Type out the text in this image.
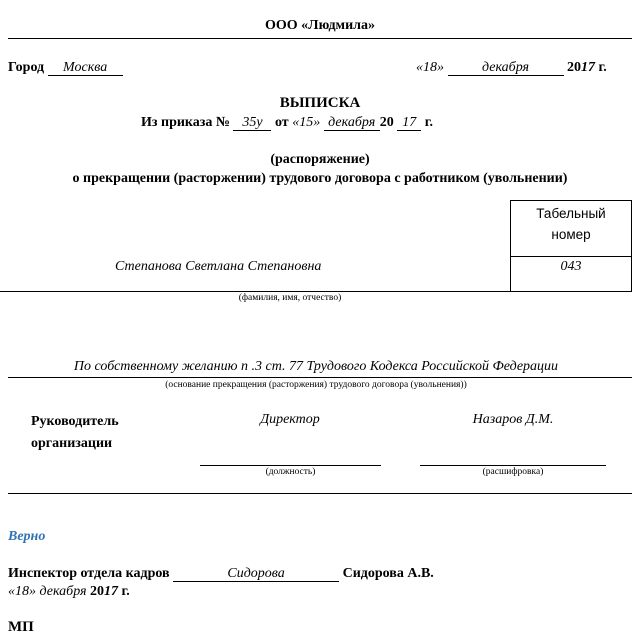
ООО «Людмила»
Город Москва	«18»	декабря	2017 г.
ВЫПИСКА
Из приказа № 35у от «15» декабря 20 17 г.
(распоряжение)
о прекращении (расторжении) трудового договора с работником (увольнении)
Табельный
номер
043
Степанова Светлана Степановна
(фамилия, имя, отчество)
По собственному желанию п .3 ст. 77 Трудового Кодекса Российской Федерации
(основание прекращения (расторжения) трудового договора (увольнения))
Руководитель
организации
Директор	Назаров Д.М.
(должность)	(расшифровка)
Верно
Инспектор отдела кадров	Сидорова	Сидорова А.В.
«18» декабря 2017 г.
МП
